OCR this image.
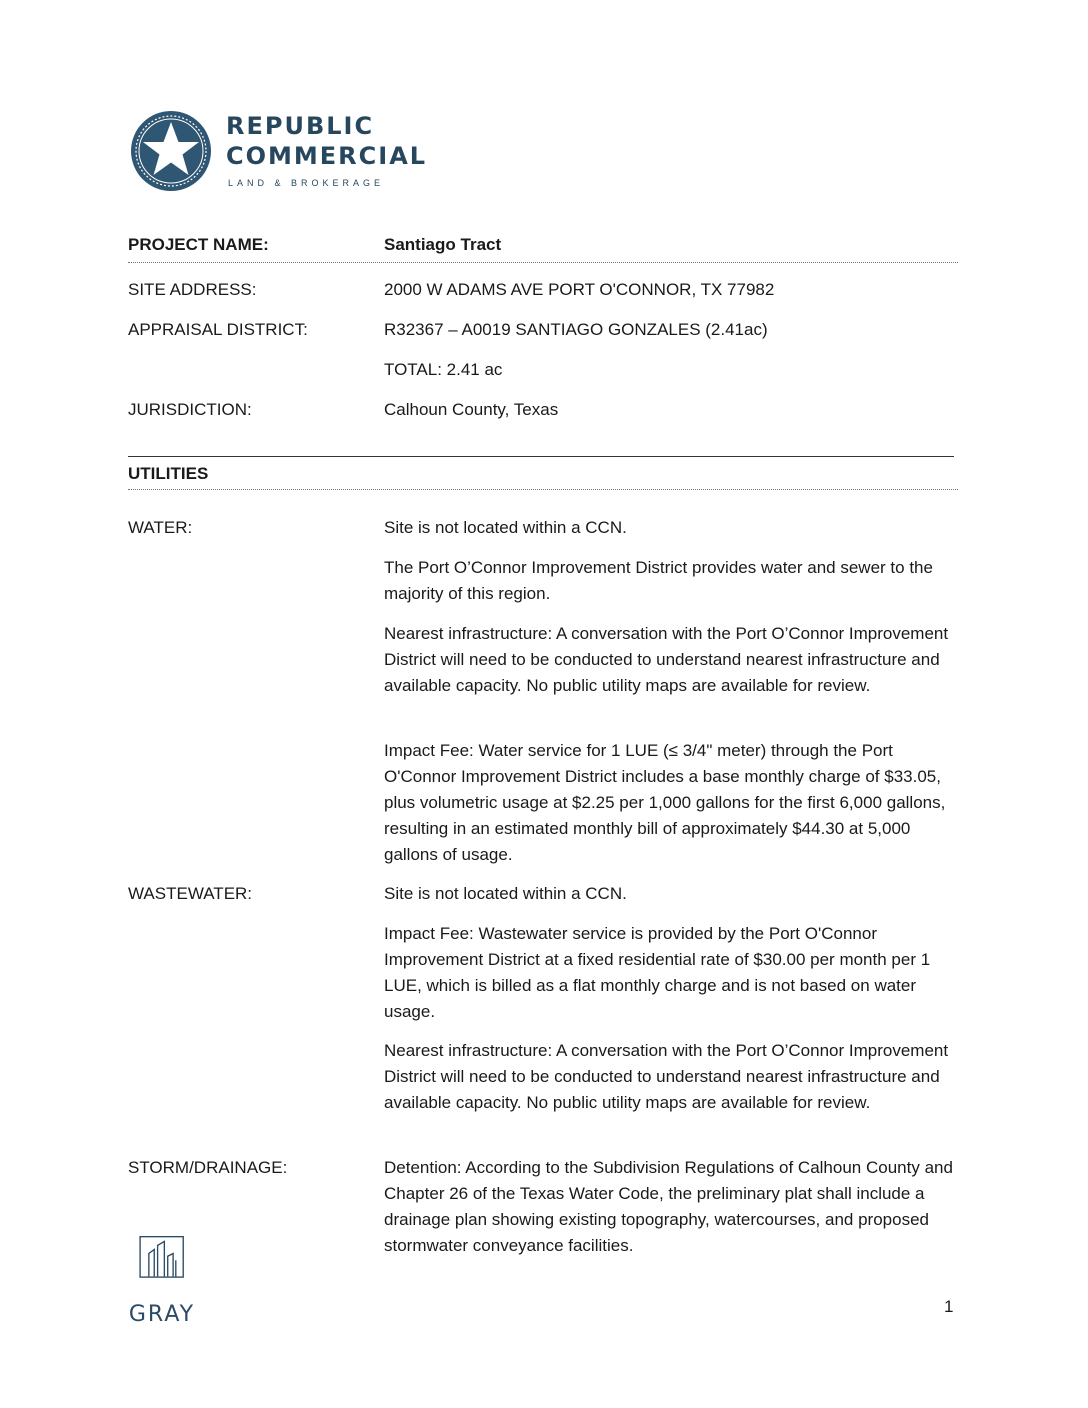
REPUBLIC
COMMERCIAL
LAND & BROKERAGE
PROJECT NAME:	Santiago Tract
SITE ADDRESS:	2000 W ADAMS AVE PORT O'CONNOR, TX 77982
APPRAISAL DISTRICT:	R32367 – A0019 SANTIAGO GONZALES (2.41ac)
TOTAL: 2.41 ac
JURISDICTION:	Calhoun County, Texas
UTILITIES
WATER:	Site is not located within a CCN.
The Port O’Connor Improvement District provides water and sewer to the majority of this region.
Nearest infrastructure: A conversation with the Port O’Connor Improvement District will need to be conducted to understand nearest infrastructure and available capacity. No public utility maps are available for review.
Impact Fee: Water service for 1 LUE (≤ 3/4" meter) through the Port O'Connor Improvement District includes a base monthly charge of $33.05, plus volumetric usage at $2.25 per 1,000 gallons for the first 6,000 gallons, resulting in an estimated monthly bill of approximately $44.30 at 5,000 gallons of usage.
WASTEWATER:	Site is not located within a CCN.
Impact Fee: Wastewater service is provided by the Port O'Connor Improvement District at a fixed residential rate of $30.00 per month per 1 LUE, which is billed as a flat monthly charge and is not based on water usage.
Nearest infrastructure: A conversation with the Port O’Connor Improvement District will need to be conducted to understand nearest infrastructure and available capacity. No public utility maps are available for review.
STORM/DRAINAGE:	Detention: According to the Subdivision Regulations of Calhoun County and Chapter 26 of the Texas Water Code, the preliminary plat shall include a drainage plan showing existing topography, watercourses, and proposed stormwater conveyance facilities.
GRAY	1
